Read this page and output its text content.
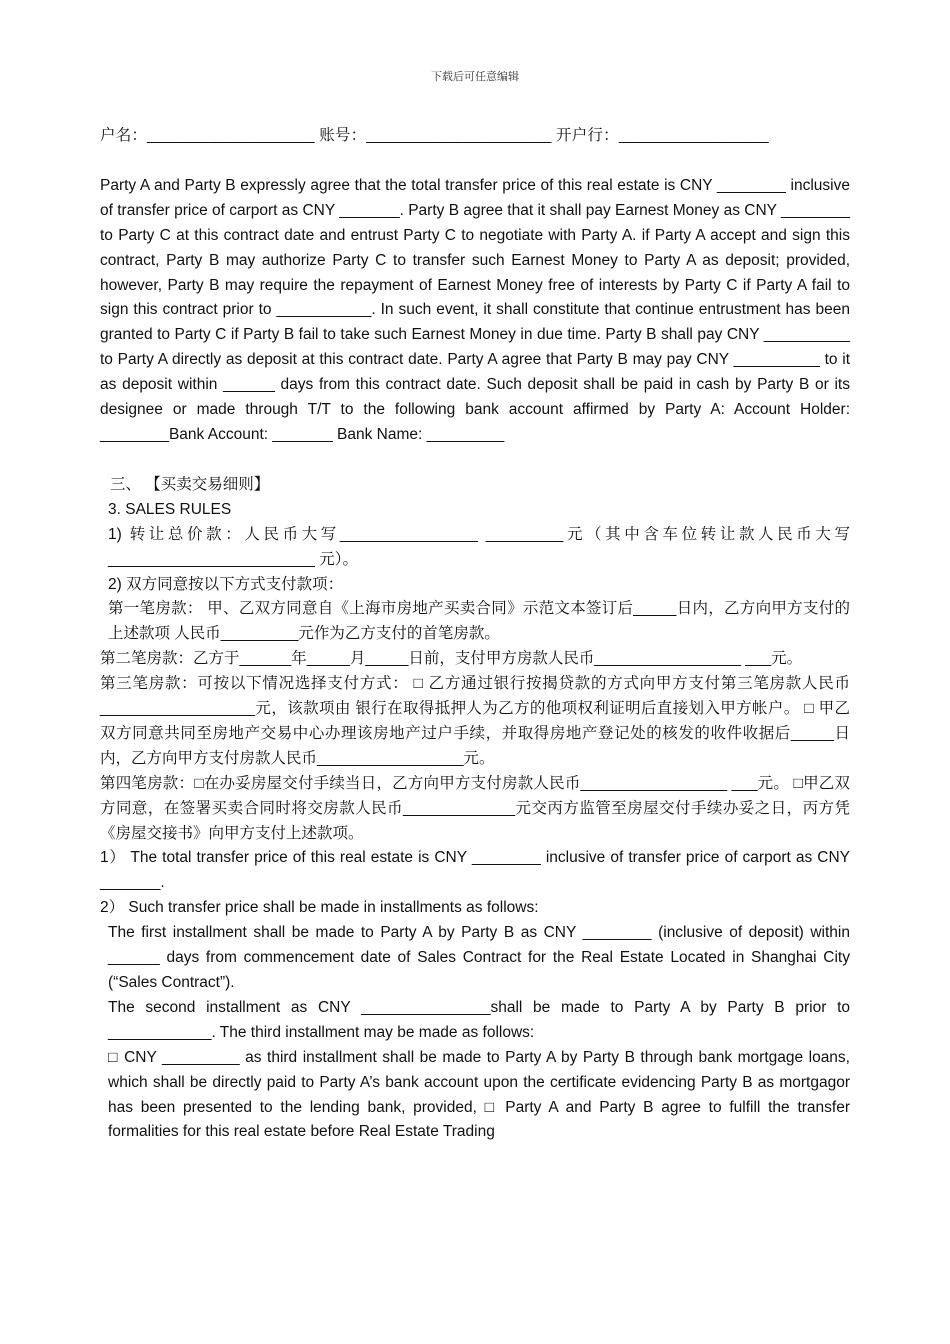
下载后可任意编辑

户名：___________________ 账号：_____________________ 开户行：_________________

Party A and Party B expressly agree that the total transfer price of this real estate is CNY ________ inclusive of transfer price of carport as CNY _______. Party B agree that it shall pay Earnest Money as CNY ________ to Party C at this contract date and entrust Party C to negotiate with Party A. if Party A accept and sign this contract, Party B may authorize Party C to transfer such Earnest Money to Party A as deposit; provided, however, Party B may require the repayment of Earnest Money free of interests by Party C if Party A fail to sign this contract prior to ___________. In such event, it shall constitute that continue entrustment has been granted to Party C if Party B fail to take such Earnest Money in due time. Party B shall pay CNY __________ to Party A directly as deposit at this contract date. Party A agree that Party B may pay CNY __________ to it as deposit within ______ days from this contract date. Such deposit shall be paid in cash by Party B or its designee or made through T/T to the following bank account affirmed by Party A: Account Holder: ________Bank Account: _______ Bank Name: _________

三、 【买卖交易细则】

3. SALES RULES

1) 转让总价款：人民币大写________________ _________元（其中含车位转让款人民币大写________________________ 元）。

2) 双方同意按以下方式支付款项：

第一笔房款： 甲、乙双方同意自《上海市房地产买卖合同》示范文本签订后_____日内，乙方向甲方支付的上述款项 人民币_________元作为乙方支付的首笔房款。

第二笔房款：乙方于______年_____月_____日前，支付甲方房款人民币_________________ ___元。

第三笔房款：可按以下情况选择支付方式： □ 乙方通过银行按揭贷款的方式向甲方支付第三笔房款人民币__________________元，该款项由 银行在取得抵押人为乙方的他项权利证明后直接划入甲方帐户。 □ 甲乙双方同意共同至房地产交易中心办理该房地产过户手续，并取得房地产登记处的核发的收件收据后_____日内，乙方向甲方支付房款人民币_________________元。

第四笔房款：□在办妥房屋交付手续当日，乙方向甲方支付房款人民币_________________ ___元。 □甲乙双方同意，在签署买卖合同时将交房款人民币_____________元交丙方监管至房屋交付手续办妥之日，丙方凭《房屋交接书》向甲方支付上述款项。

1） The total transfer price of this real estate is CNY ________ inclusive of transfer price of carport as CNY _______.

2） Such transfer price shall be made in installments as follows:

The first installment shall be made to Party A by Party B as CNY ________ (inclusive of deposit) within ______ days from commencement date of Sales Contract for the Real Estate Located in Shanghai City (“Sales Contract”).

The second installment as CNY _______________shall be made to Party A by Party B prior to ____________. The third installment may be made as follows:

□ CNY _________ as third installment shall be made to Party A by Party B through bank mortgage loans, which shall be directly paid to Party A’s bank account upon the certificate evidencing Party B as mortgagor has been presented to the lending bank, provided, □ Party A and Party B agree to fulfill the transfer formalities for this real estate before Real Estate Trading
